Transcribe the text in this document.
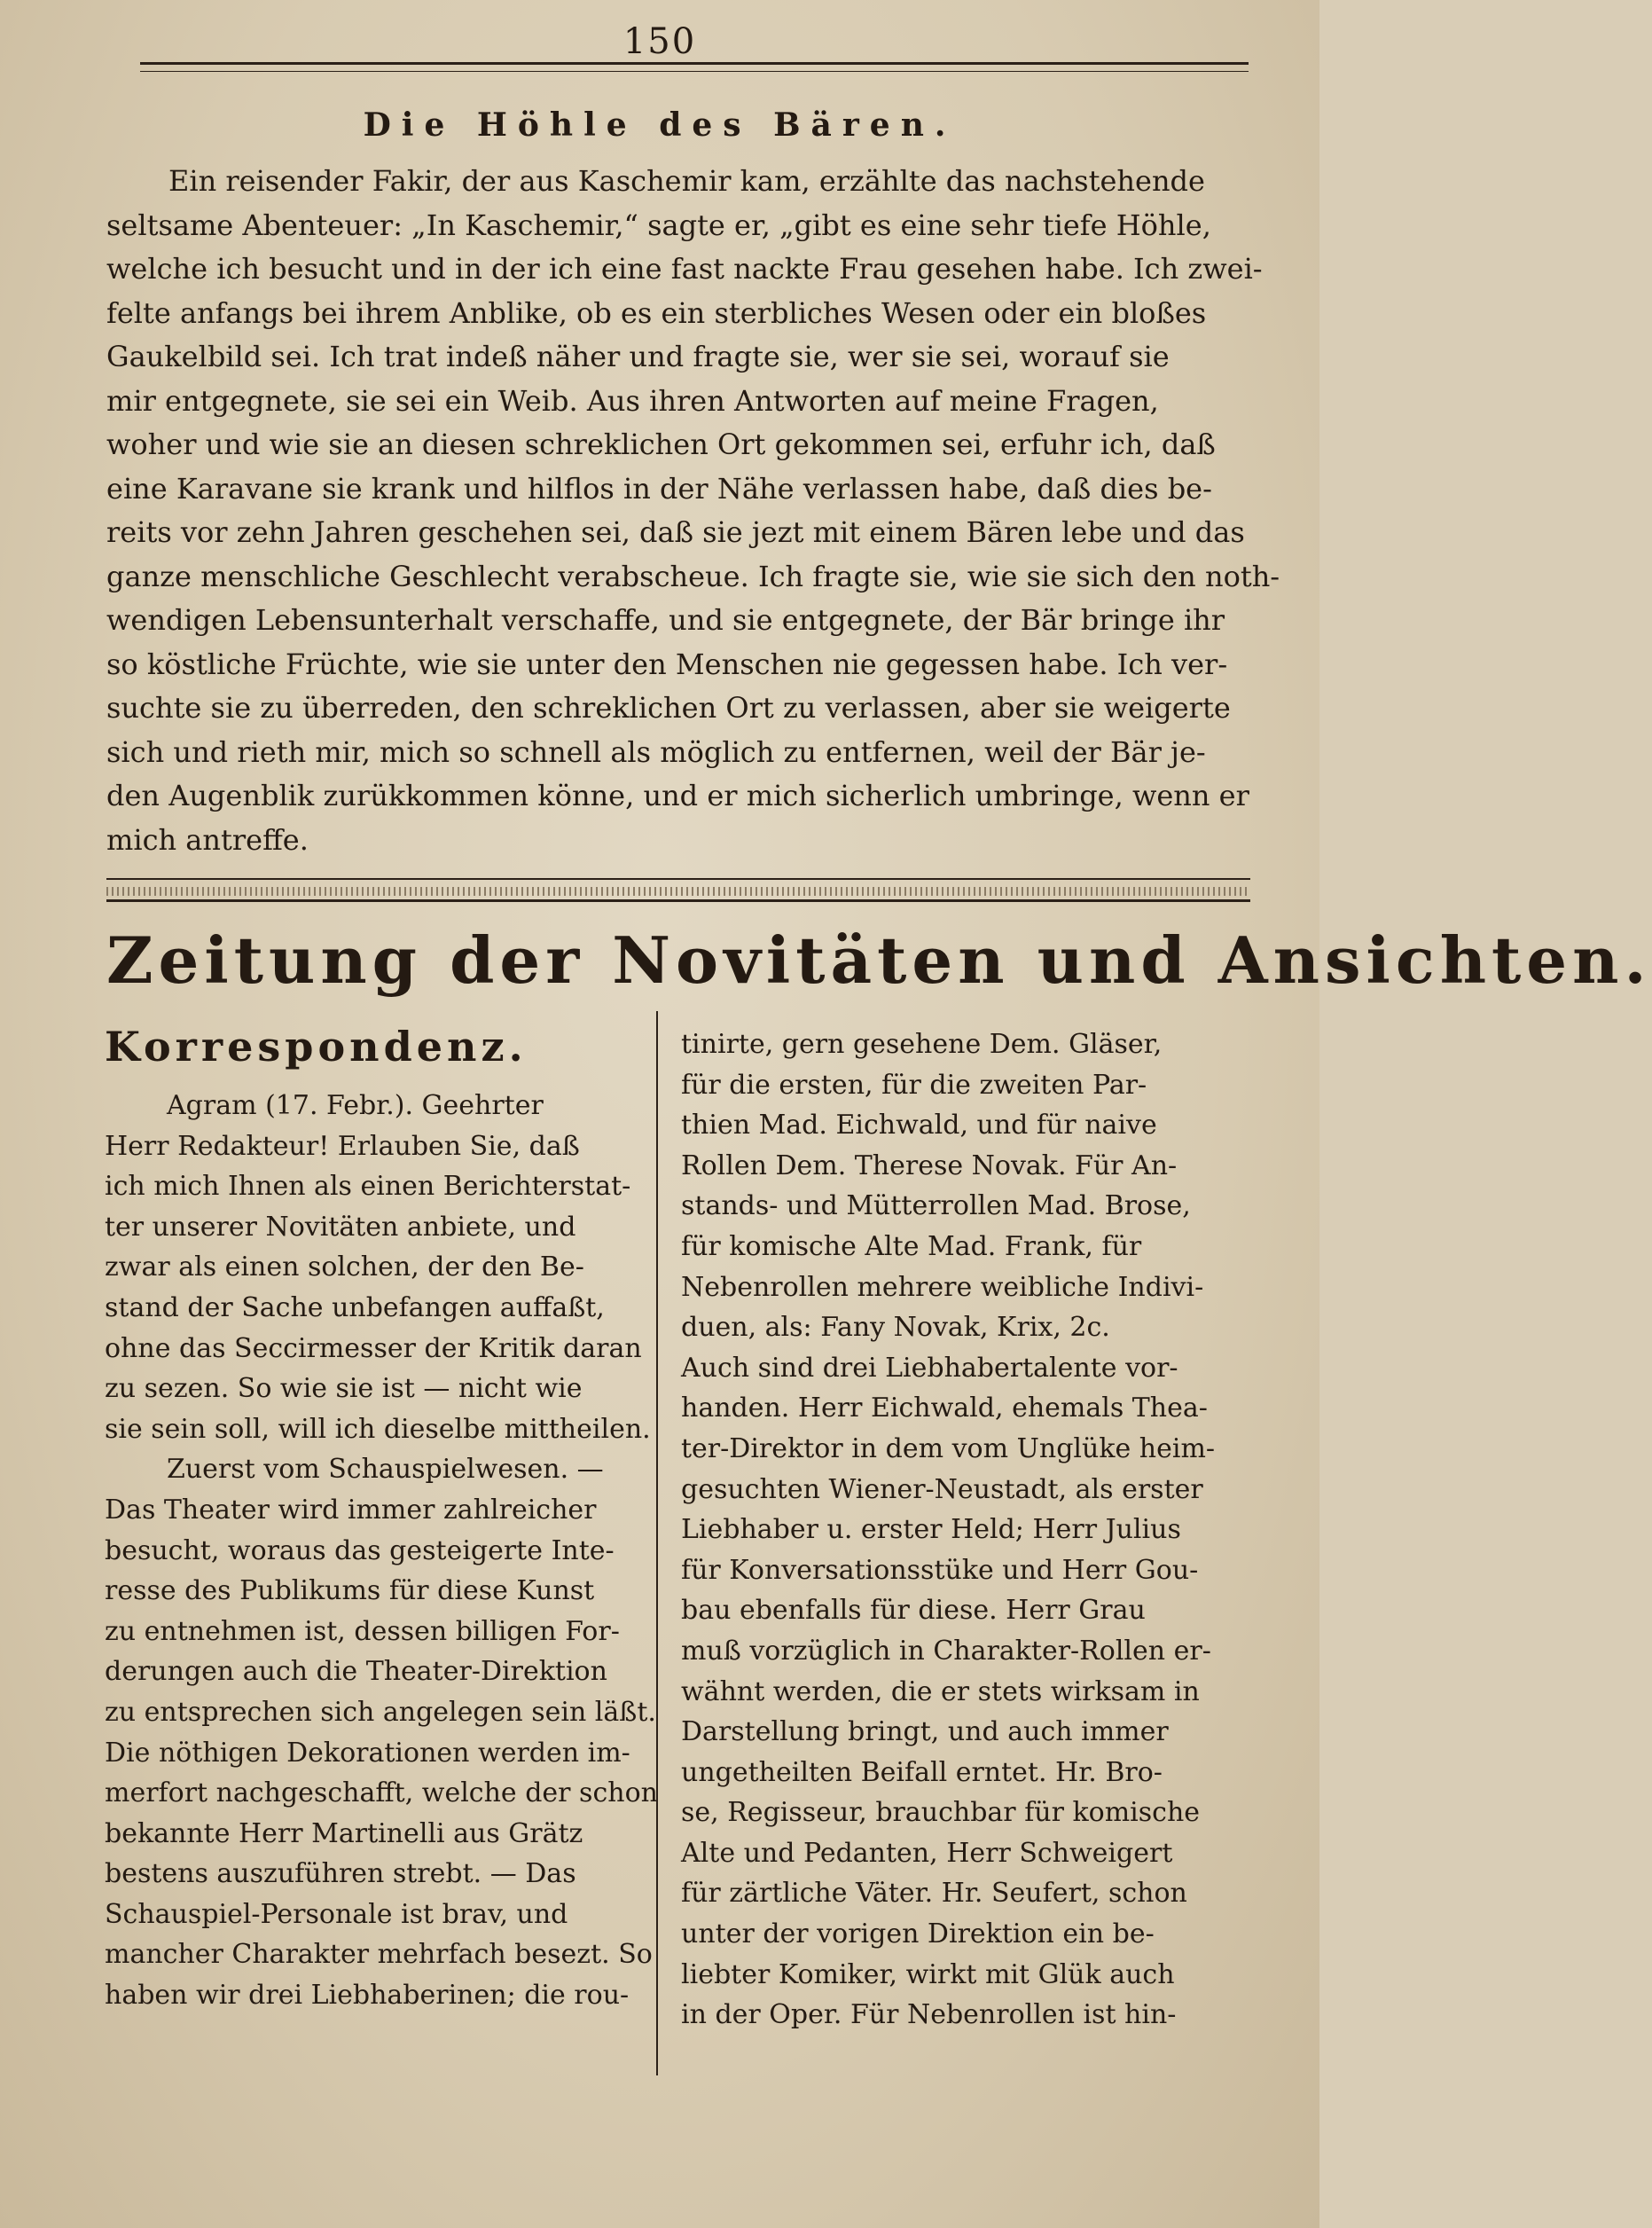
150
Die Höhle des Bären.
Ein reisender Fakir, der aus Kaschemir kam, erzählte das nachstehende
seltsame Abenteuer: „In Kaschemir,“ sagte er, „gibt es eine sehr tiefe Höhle,
welche ich besucht und in der ich eine fast nackte Frau gesehen habe. Ich zwei-
felte anfangs bei ihrem Anblike, ob es ein sterbliches Wesen oder ein bloßes
Gaukelbild sei. Ich trat indeß näher und fragte sie, wer sie sei, worauf sie
mir entgegnete, sie sei ein Weib. Aus ihren Antworten auf meine Fragen,
woher und wie sie an diesen schreklichen Ort gekommen sei, erfuhr ich, daß
eine Karavane sie krank und hilflos in der Nähe verlassen habe, daß dies be-
reits vor zehn Jahren geschehen sei, daß sie jezt mit einem Bären lebe und das
ganze menschliche Geschlecht verabscheue. Ich fragte sie, wie sie sich den noth-
wendigen Lebensunterhalt verschaffe, und sie entgegnete, der Bär bringe ihr
so köstliche Früchte, wie sie unter den Menschen nie gegessen habe. Ich ver-
suchte sie zu überreden, den schreklichen Ort zu verlassen, aber sie weigerte
sich und rieth mir, mich so schnell als möglich zu entfernen, weil der Bär je-
den Augenblik zurükkommen könne, und er mich sicherlich umbringe, wenn er
mich antreffe.
Zeitung der Novitäten und Ansichten.
Korrespondenz.
Agram (17. Febr.). Geehrter
Herr Redakteur! Erlauben Sie, daß
ich mich Ihnen als einen Berichterstat-
ter unserer Novitäten anbiete, und
zwar als einen solchen, der den Be-
stand der Sache unbefangen auffaßt,
ohne das Seccirmesser der Kritik daran
zu sezen. So wie sie ist — nicht wie
sie sein soll, will ich dieselbe mittheilen.
Zuerst vom Schauspielwesen. —
Das Theater wird immer zahlreicher
besucht, woraus das gesteigerte Inte-
resse des Publikums für diese Kunst
zu entnehmen ist, dessen billigen For-
derungen auch die Theater-Direktion
zu entsprechen sich angelegen sein läßt.
Die nöthigen Dekorationen werden im-
merfort nachgeschafft, welche der schon
bekannte Herr Martinelli aus Grätz
bestens auszuführen strebt. — Das
Schauspiel-Personale ist brav, und
mancher Charakter mehrfach besezt. So
haben wir drei Liebhaberinen; die rou-
tinirte, gern gesehene Dem. Gläser,
für die ersten, für die zweiten Par-
thien Mad. Eichwald, und für naive
Rollen Dem. Therese Novak. Für An-
stands- und Mütterrollen Mad. Brose,
für komische Alte Mad. Frank, für
Nebenrollen mehrere weibliche Indivi-
duen, als: Fany Novak, Krix, 2c.
Auch sind drei Liebhabertalente vor-
handen. Herr Eichwald, ehemals Thea-
ter-Direktor in dem vom Unglüke heim-
gesuchten Wiener-Neustadt, als erster
Liebhaber u. erster Held; Herr Julius
für Konversationsstüke und Herr Gou-
bau ebenfalls für diese. Herr Grau
muß vorzüglich in Charakter-Rollen er-
wähnt werden, die er stets wirksam in
Darstellung bringt, und auch immer
ungetheilten Beifall erntet. Hr. Bro-
se, Regisseur, brauchbar für komische
Alte und Pedanten, Herr Schweigert
für zärtliche Väter. Hr. Seufert, schon
unter der vorigen Direktion ein be-
liebter Komiker, wirkt mit Glük auch
in der Oper. Für Nebenrollen ist hin-
